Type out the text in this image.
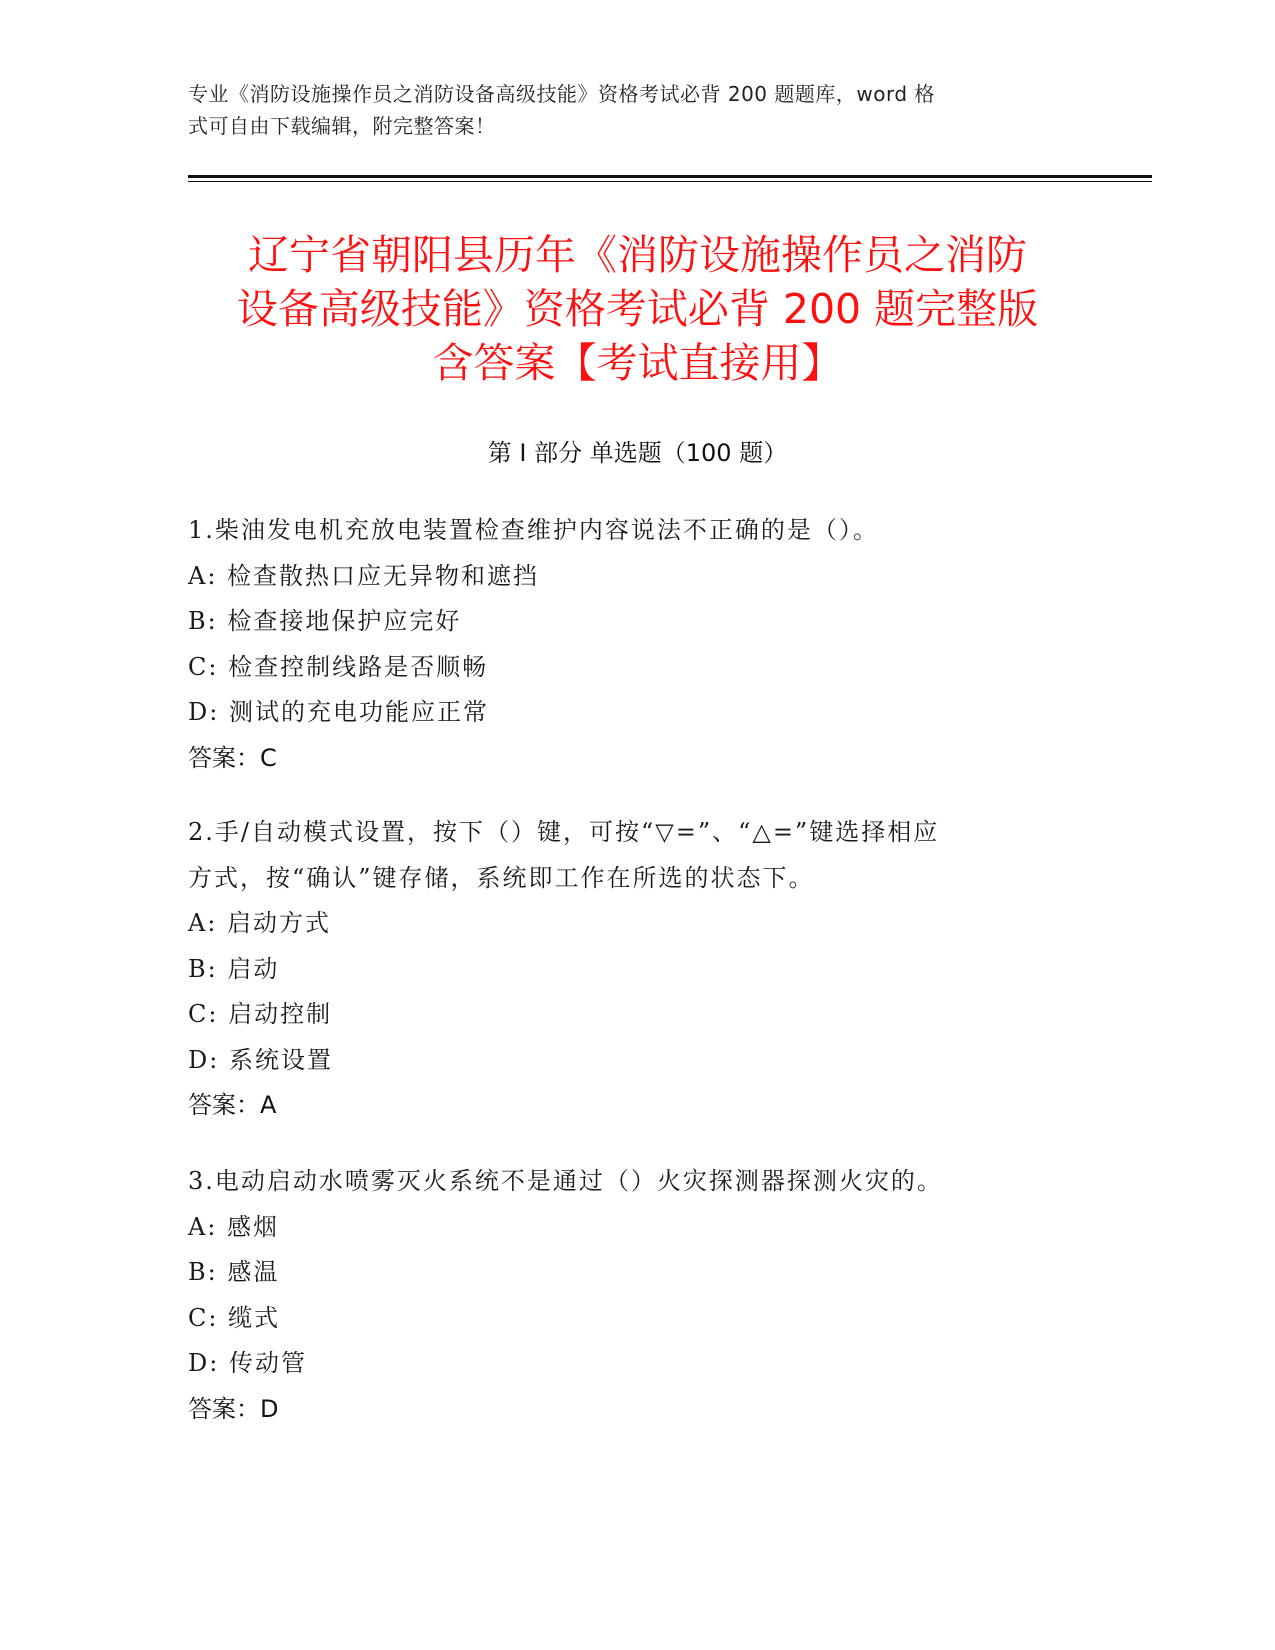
专业《消防设施操作员之消防设备高级技能》资格考试必背 200 题题库，word 格
式可自由下载编辑，附完整答案！
辽宁省朝阳县历年《消防设施操作员之消防
设备高级技能》资格考试必背 200 题完整版
含答案【考试直接用】
第 I 部分 单选题（100 题）
1.柴油发电机充放电装置检查维护内容说法不正确的是（）。
A: 检查散热口应无异物和遮挡
B: 检查接地保护应完好
C: 检查控制线路是否顺畅
D: 测试的充电功能应正常
答案：C
2.手/自动模式设置，按下（）键，可按“▽=”、“△=”键选择相应
方式，按“确认”键存储，系统即工作在所选的状态下。
A: 启动方式
B: 启动
C: 启动控制
D: 系统设置
答案：A
3.电动启动水喷雾灭火系统不是通过（）火灾探测器探测火灾的。
A: 感烟
B: 感温
C: 缆式
D: 传动管
答案：D
